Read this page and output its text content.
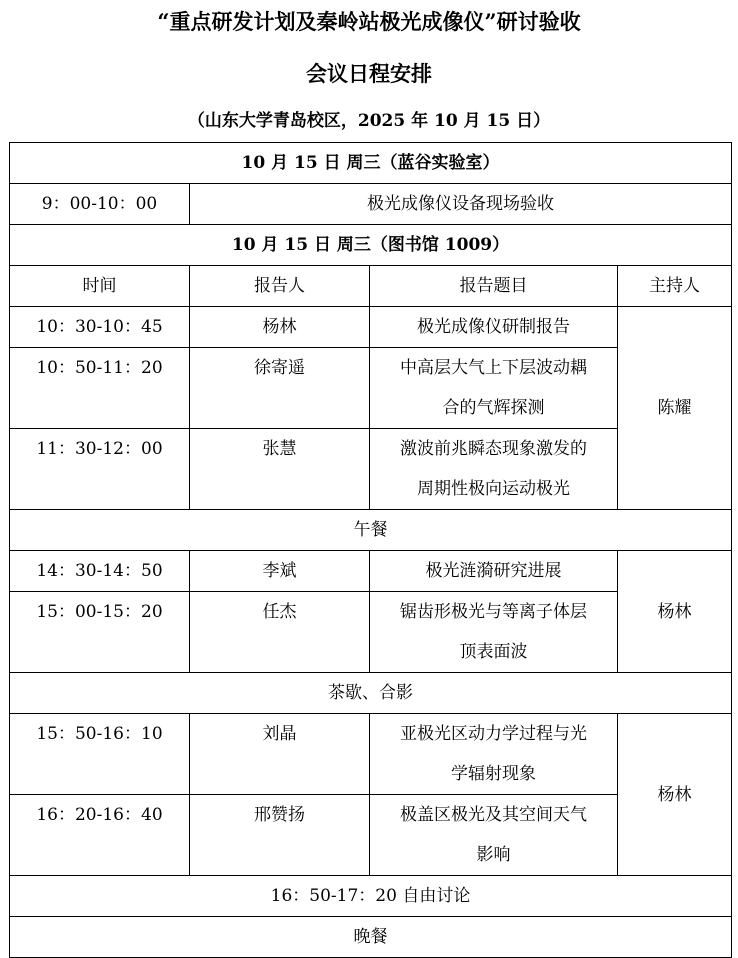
“重点研发计划及秦岭站极光成像仪”研讨验收
会议日程安排
（山东大学青岛校区，2025 年 10 月 15 日）
10 月 15 日 周三（蓝谷实验室）			
9：00-10：00	极光成像仪设备现场验收		
10 月 15 日 周三（图书馆 1009）			
时间	报告人	报告题目	主持人
10：30-10：45	杨林	极光成像仪研制报告	陈耀
10：50-11：20	徐寄遥	中高层大气上下层波动耦
合的气辉探测	

11：30-12：00	张慧	激波前兆瞬态现象激发的
周期性极向运动极光	

午餐			
14：30-14：50	李斌	极光涟漪研究进展	杨林
15：00-15：20	任杰	锯齿形极光与等离子体层
顶表面波	

茶歇、合影			
15：50-16：10	刘晶	亚极光区动力学过程与光
学辐射现象	杨林
16：20-16：40	邢赞扬	极盖区极光及其空间天气
影响	

16：50-17：20 自由讨论			
晚餐			
